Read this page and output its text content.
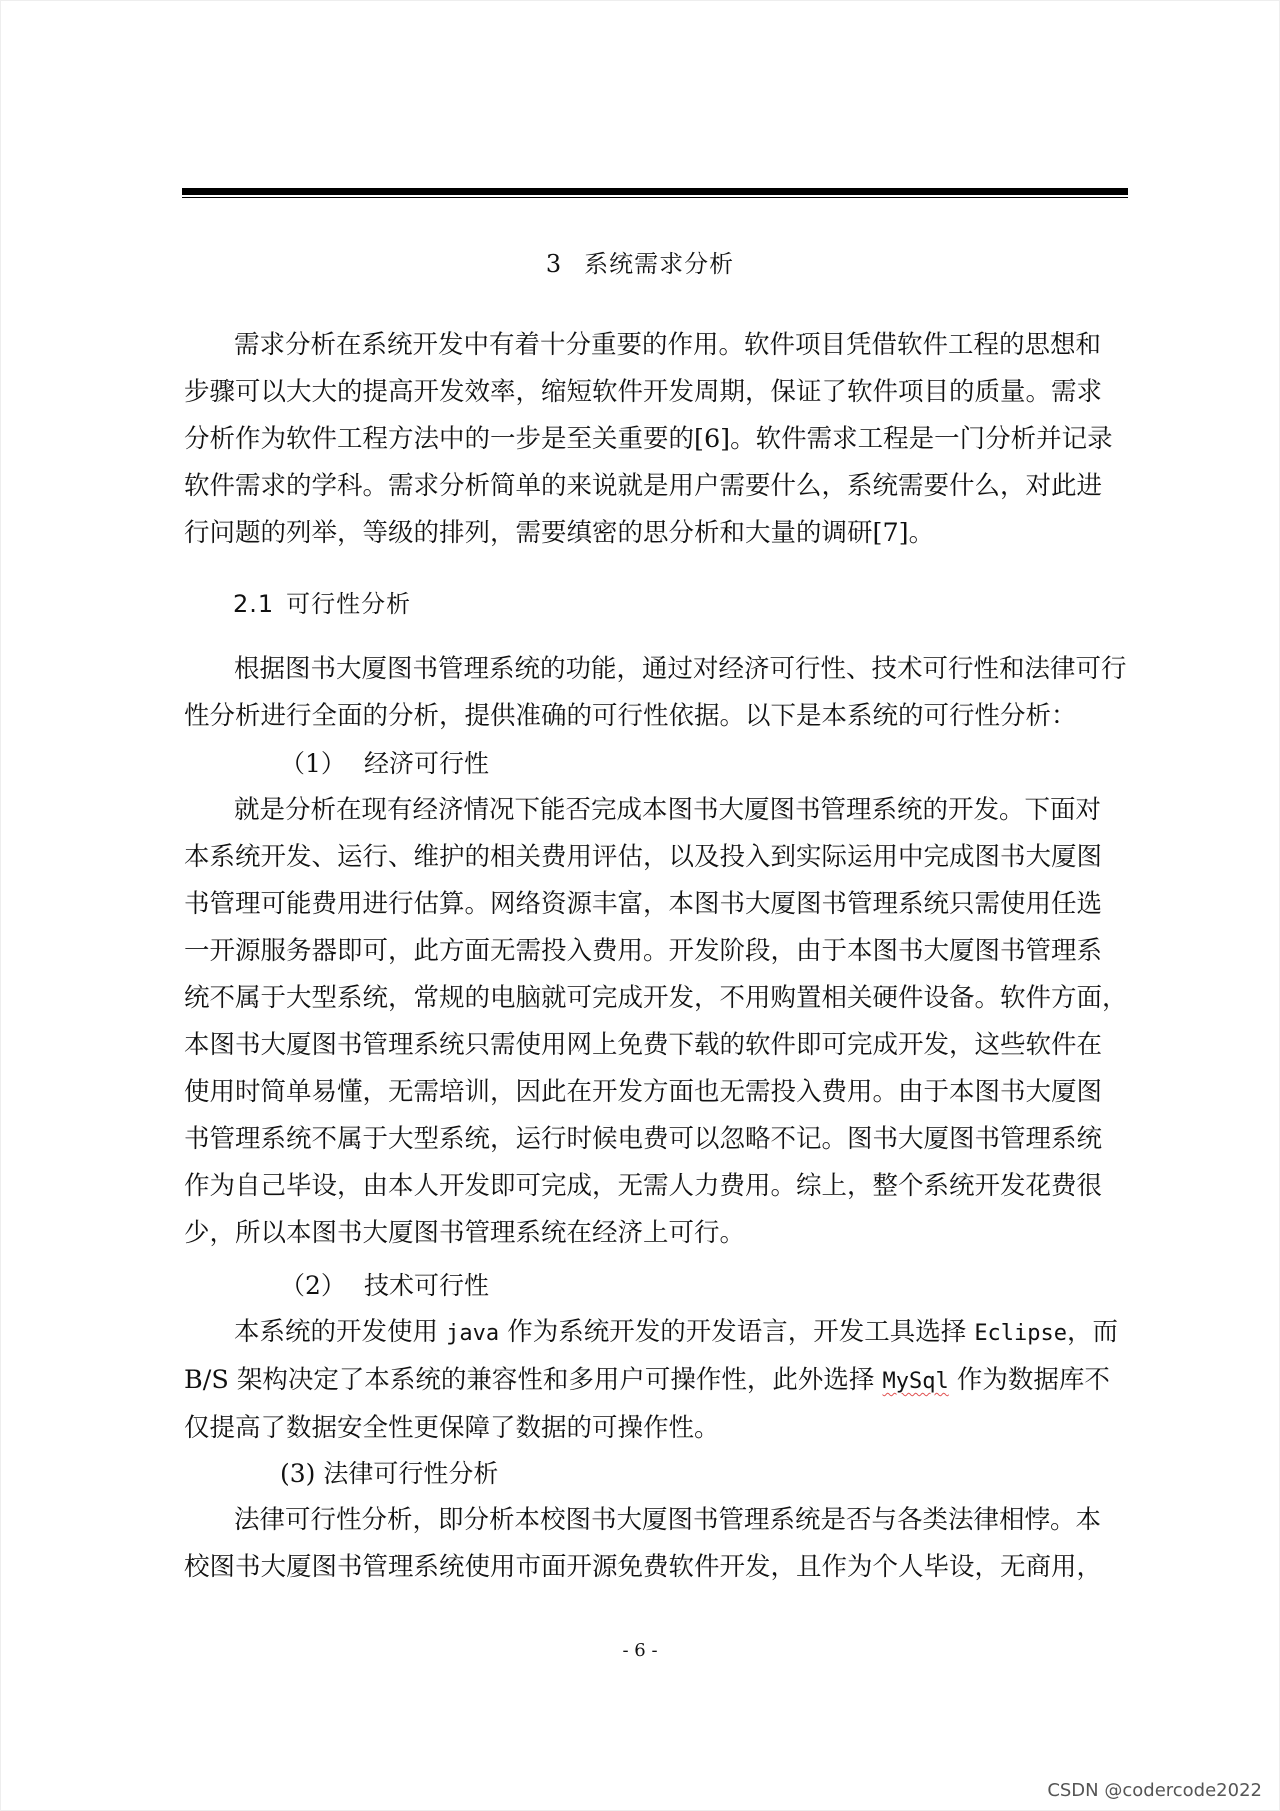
3 系统需求分析

需求分析在系统开发中有着十分重要的作用。软件项目凭借软件工程的思想和
步骤可以大大的提高开发效率，缩短软件开发周期，保证了软件项目的质量。需求
分析作为软件工程方法中的一步是至关重要的[6]。软件需求工程是一门分析并记录
软件需求的学科。需求分析简单的来说就是用户需要什么，系统需要什么，对此进
行问题的列举，等级的排列，需要缜密的思分析和大量的调研[7]。

2.1 可行性分析

根据图书大厦图书管理系统的功能，通过对经济可行性、技术可行性和法律可行
性分析进行全面的分析，提供准确的可行性依据。以下是本系统的可行性分析：

（1） 经济可行性

就是分析在现有经济情况下能否完成本图书大厦图书管理系统的开发。下面对
本系统开发、运行、维护的相关费用评估，以及投入到实际运用中完成图书大厦图
书管理可能费用进行估算。网络资源丰富，本图书大厦图书管理系统只需使用任选
一开源服务器即可，此方面无需投入费用。开发阶段，由于本图书大厦图书管理系
统不属于大型系统，常规的电脑就可完成开发，不用购置相关硬件设备。软件方面，
本图书大厦图书管理系统只需使用网上免费下载的软件即可完成开发，这些软件在
使用时简单易懂，无需培训，因此在开发方面也无需投入费用。由于本图书大厦图
书管理系统不属于大型系统，运行时候电费可以忽略不记。图书大厦图书管理系统
作为自己毕设，由本人开发即可完成，无需人力费用。综上，整个系统开发花费很
少，所以本图书大厦图书管理系统在经济上可行。

（2） 技术可行性

本系统的开发使用 java 作为系统开发的开发语言，开发工具选择 Eclipse，而
B/S 架构决定了本系统的兼容性和多用户可操作性，此外选择 MySql 作为数据库不
仅提高了数据安全性更保障了数据的可操作性。

(3) 法律可行性分析

法律可行性分析，即分析本校图书大厦图书管理系统是否与各类法律相悖。本
校图书大厦图书管理系统使用市面开源免费软件开发，且作为个人毕设，无商用，

- 6 -
CSDN @codercode2022
